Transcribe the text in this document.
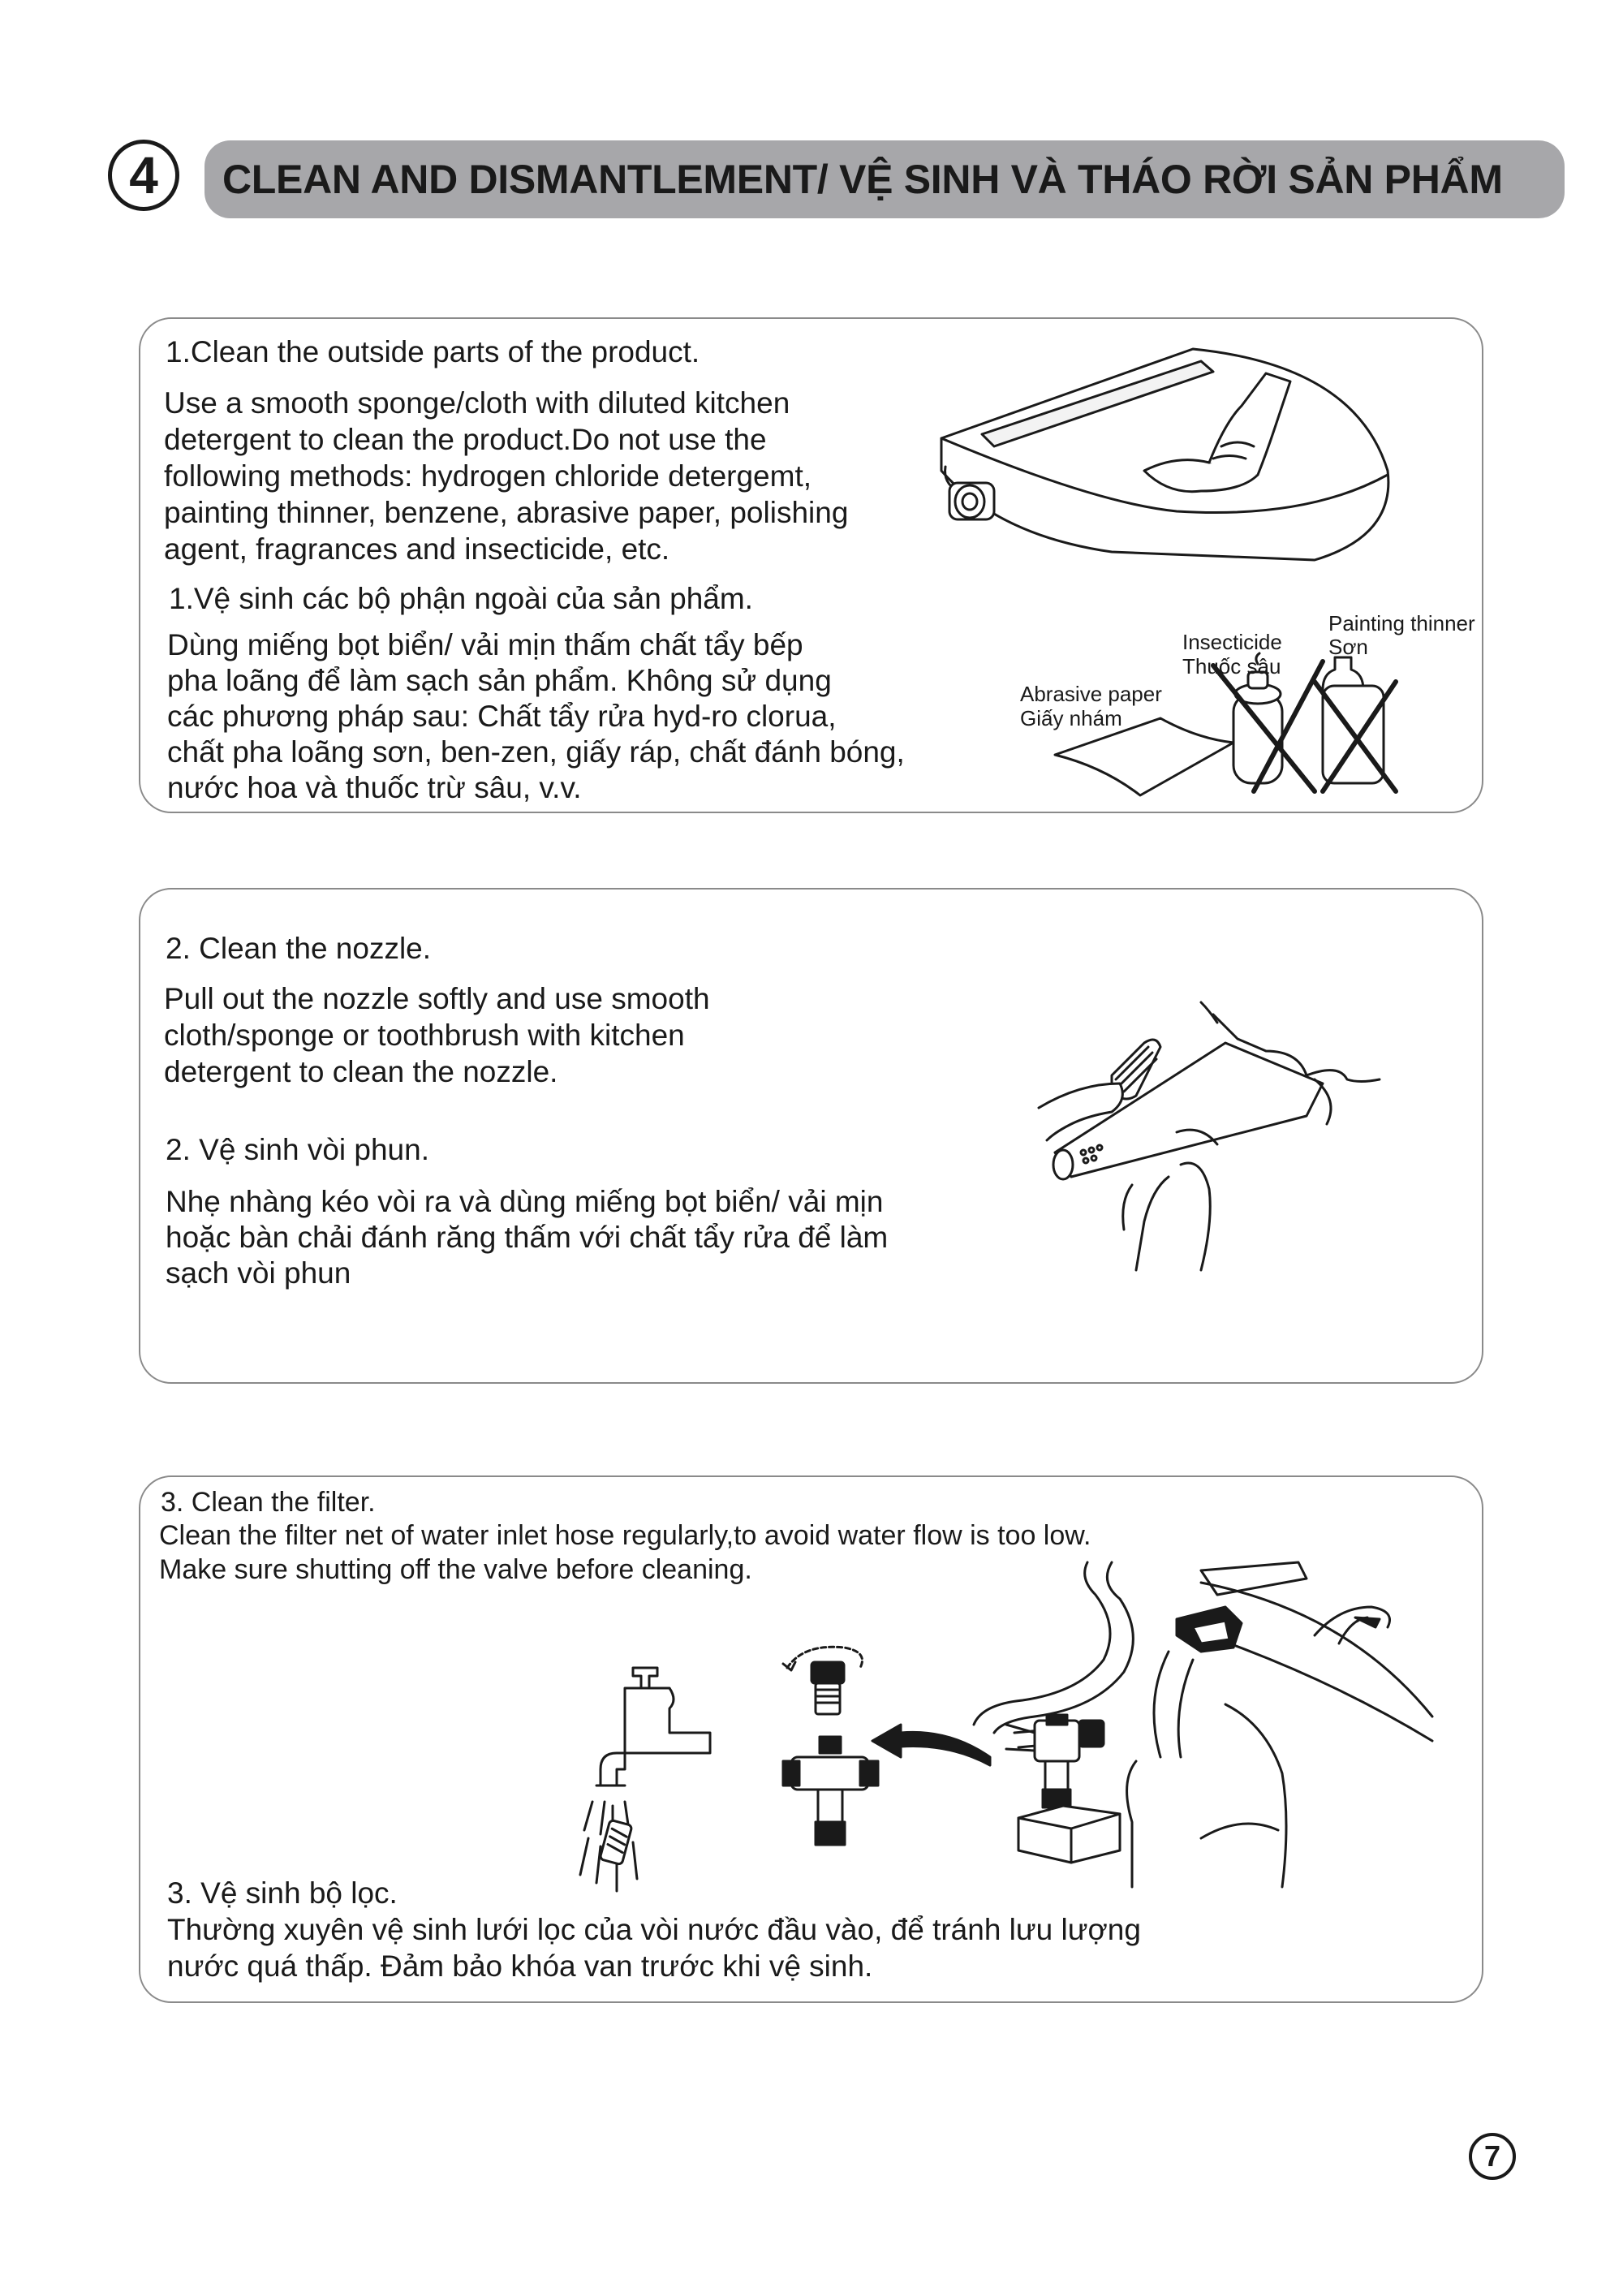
4	CLEAN AND DISMANTLEMENT/ VỆ SINH VÀ THÁO RỜI SẢN PHẨM
1.Clean the outside parts of the product.
Use a smooth sponge/cloth with diluted kitchen
detergent to clean the product.Do not use the
following methods: hydrogen chloride detergemt,
painting thinner, benzene, abrasive paper, polishing
agent, fragrances and insecticide, etc.
1.Vệ sinh các bộ phận ngoài của sản phẩm.
Dùng miếng bọt biển/ vải mịn thấm chất tẩy bếp
pha loãng để làm sạch sản phẩm. Không sử dụng
các phương pháp sau: Chất tẩy rửa hyd-ro clorua,
chất pha loãng sơn, ben-zen, giấy ráp, chất đánh bóng,
nước hoa và thuốc trừ sâu, v.v.
Painting thinner
Sơn
Insecticide
Thuốc sâu
Abrasive paper
Giấy nhám
2. Clean the nozzle.
Pull out the nozzle softly and use smooth
cloth/sponge or toothbrush with kitchen
detergent to clean the nozzle.
2. Vệ sinh vòi phun.
Nhẹ nhàng kéo vòi ra và dùng miếng bọt biển/ vải mịn
hoặc bàn chải đánh răng thấm với chất tẩy rửa để làm
sạch vòi phun
3. Clean the filter.
Clean the filter net of water inlet hose regularly,to avoid water flow is too low.
Make sure shutting off the valve before cleaning.
3. Vệ sinh bộ lọc.
Thường xuyên vệ sinh lưới lọc của vòi nước đầu vào, để tránh lưu lượng
nước quá thấp. Đảm bảo khóa van trước khi vệ sinh.
7
